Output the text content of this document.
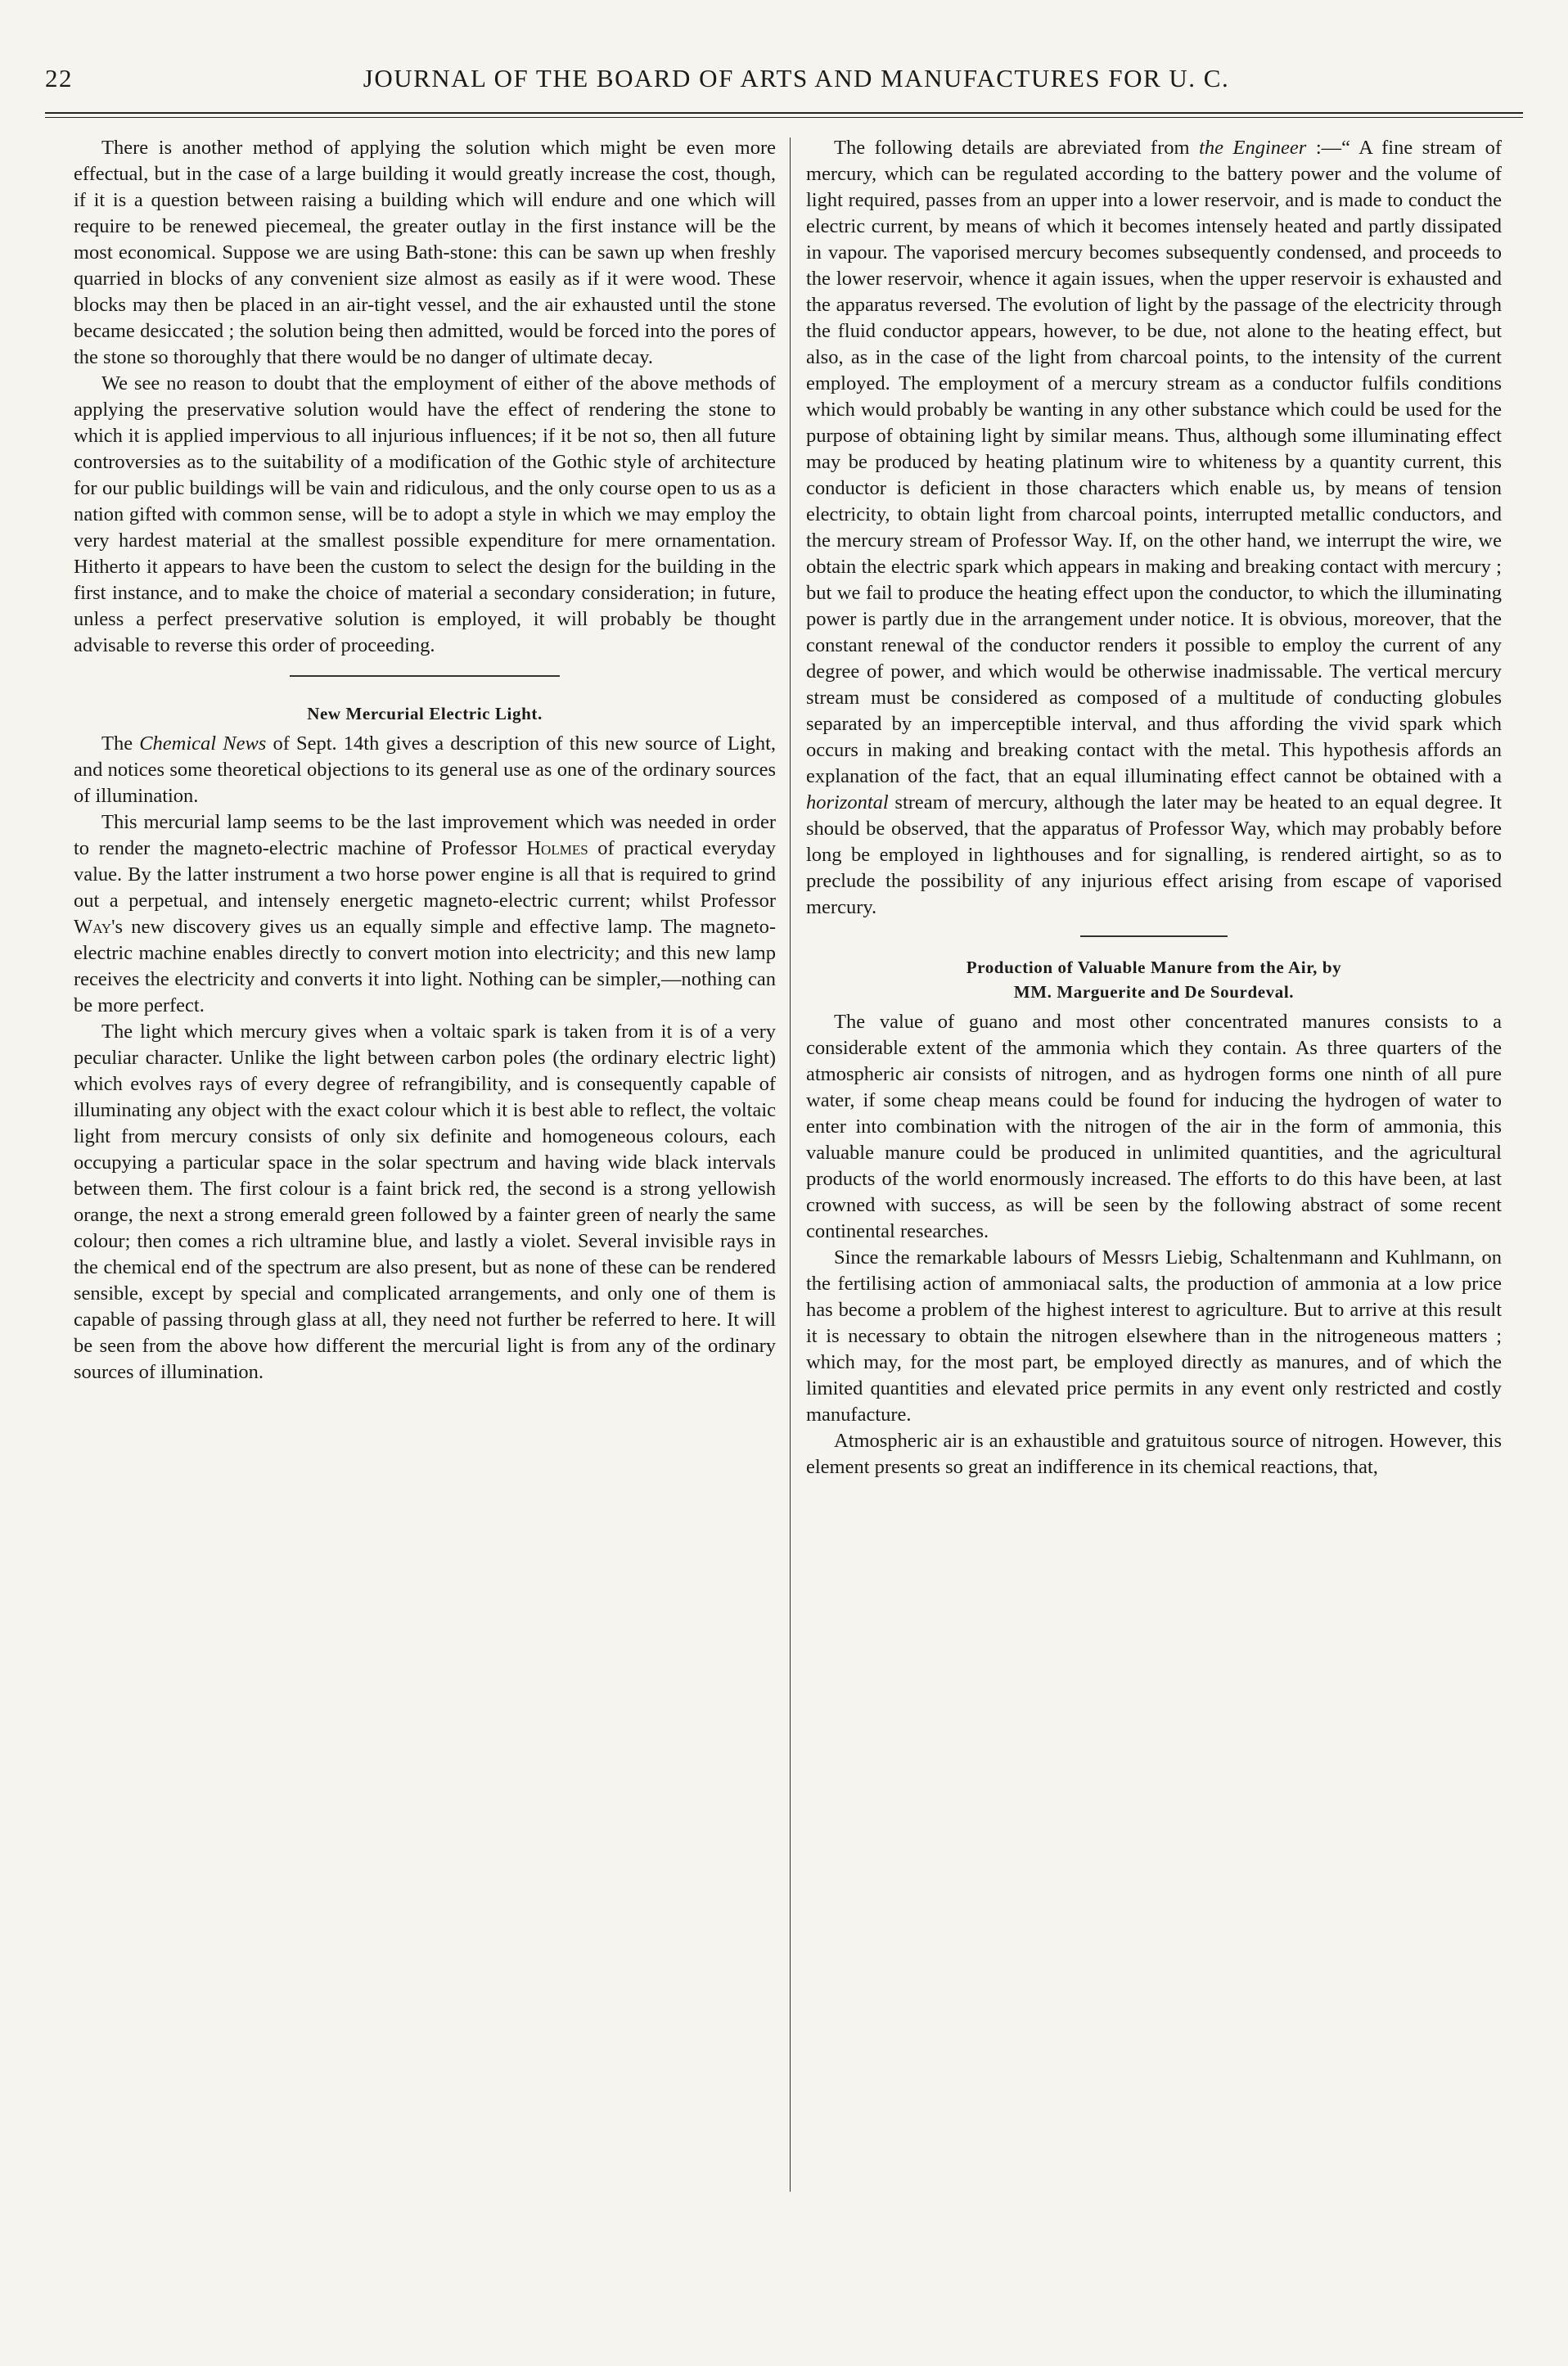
22	JOURNAL OF THE BOARD OF ARTS AND MANUFACTURES FOR U. C.

There is another method of applying the solution which might be even more effectual, but in the case of a large building it would greatly increase the cost, though, if it is a question between raising a building which will endure and one which will require to be renewed piecemeal, the greater outlay in the first instance will be the most economical. Suppose we are using Bath-stone: this can be sawn up when freshly quarried in blocks of any convenient size almost as easily as if it were wood. These blocks may then be placed in an air-tight vessel, and the air exhausted until the stone became desiccated ; the solution being then admitted, would be forced into the pores of the stone so thoroughly that there would be no danger of ultimate decay.

We see no reason to doubt that the employment of either of the above methods of applying the preservative solution would have the effect of rendering the stone to which it is applied impervious to all injurious influences; if it be not so, then all future controversies as to the suitability of a modification of the Gothic style of architecture for our public buildings will be vain and ridiculous, and the only course open to us as a nation gifted with common sense, will be to adopt a style in which we may employ the very hardest material at the smallest possible expenditure for mere ornamentation. Hitherto it appears to have been the custom to select the design for the building in the first instance, and to make the choice of material a secondary consideration; in future, unless a perfect preservative solution is employed, it will probably be thought advisable to reverse this order of proceeding.

New Mercurial Electric Light.

The Chemical News of Sept. 14th gives a description of this new source of Light, and notices some theoretical objections to its general use as one of the ordinary sources of illumination.

This mercurial lamp seems to be the last improvement which was needed in order to render the magneto-electric machine of Professor Holmes of practical everyday value. By the latter instrument a two horse power engine is all that is required to grind out a perpetual, and intensely energetic magneto-electric current; whilst Professor Way's new discovery gives us an equally simple and effective lamp. The magneto-electric machine enables directly to convert motion into electricity; and this new lamp receives the electricity and converts it into light. Nothing can be simpler,—nothing can be more perfect.

The light which mercury gives when a voltaic spark is taken from it is of a very peculiar character. Unlike the light between carbon poles (the ordinary electric light) which evolves rays of every degree of refrangibility, and is consequently capable of illuminating any object with the exact colour which it is best able to reflect, the voltaic light from mercury consists of only six definite and homogeneous colours, each occupying a particular space in the solar spectrum and having wide black intervals between them. The first colour is a faint brick red, the second is a strong yellowish orange, the next a strong emerald green followed by a fainter green of nearly the same colour; then comes a rich ultramine blue, and lastly a violet. Several invisible rays in the chemical end of the spectrum are also present, but as none of these can be rendered sensible, except by special and complicated arrangements, and only one of them is capable of passing through glass at all, they need not further be referred to here. It will be seen from the above how different the mercurial light is from any of the ordinary sources of illumination.

The following details are abreviated from the Engineer :—“ A fine stream of mercury, which can be regulated according to the battery power and the volume of light required, passes from an upper into a lower reservoir, and is made to conduct the electric current, by means of which it becomes intensely heated and partly dissipated in vapour. The vaporised mercury becomes subsequently condensed, and proceeds to the lower reservoir, whence it again issues, when the upper reservoir is exhausted and the apparatus reversed. The evolution of light by the passage of the electricity through the fluid conductor appears, however, to be due, not alone to the heating effect, but also, as in the case of the light from charcoal points, to the intensity of the current employed. The employment of a mercury stream as a conductor fulfils conditions which would probably be wanting in any other substance which could be used for the purpose of obtaining light by similar means. Thus, although some illuminating effect may be produced by heating platinum wire to whiteness by a quantity current, this conductor is deficient in those characters which enable us, by means of tension electricity, to obtain light from charcoal points, interrupted metallic conductors, and the mercury stream of Professor Way. If, on the other hand, we interrupt the wire, we obtain the electric spark which appears in making and breaking contact with mercury ; but we fail to produce the heating effect upon the conductor, to which the illuminating power is partly due in the arrangement under notice. It is obvious, moreover, that the constant renewal of the conductor renders it possible to employ the current of any degree of power, and which would be otherwise inadmissable. The vertical mercury stream must be considered as composed of a multitude of conducting globules separated by an imperceptible interval, and thus affording the vivid spark which occurs in making and breaking contact with the metal. This hypothesis affords an explanation of the fact, that an equal illuminating effect cannot be obtained with a horizontal stream of mercury, although the later may be heated to an equal degree. It should be observed, that the apparatus of Professor Way, which may probably before long be employed in lighthouses and for signalling, is rendered airtight, so as to preclude the possibility of any injurious effect arising from escape of vaporised mercury.

Production of Valuable Manure from the Air, by
MM. Marguerite and De Sourdeval.

The value of guano and most other concentrated manures consists to a considerable extent of the ammonia which they contain. As three quarters of the atmospheric air consists of nitrogen, and as hydrogen forms one ninth of all pure water, if some cheap means could be found for inducing the hydrogen of water to enter into combination with the nitrogen of the air in the form of ammonia, this valuable manure could be produced in unlimited quantities, and the agricultural products of the world enormously increased. The efforts to do this have been, at last crowned with success, as will be seen by the following abstract of some recent continental researches.

Since the remarkable labours of Messrs Liebig, Schaltenmann and Kuhlmann, on the fertilising action of ammoniacal salts, the production of ammonia at a low price has become a problem of the highest interest to agriculture. But to arrive at this result it is necessary to obtain the nitrogen elsewhere than in the nitrogeneous matters ; which may, for the most part, be employed directly as manures, and of which the limited quantities and elevated price permits in any event only restricted and costly manufacture.

Atmospheric air is an exhaustible and gratuitous source of nitrogen. However, this element presents so great an indifference in its chemical reactions, that,
